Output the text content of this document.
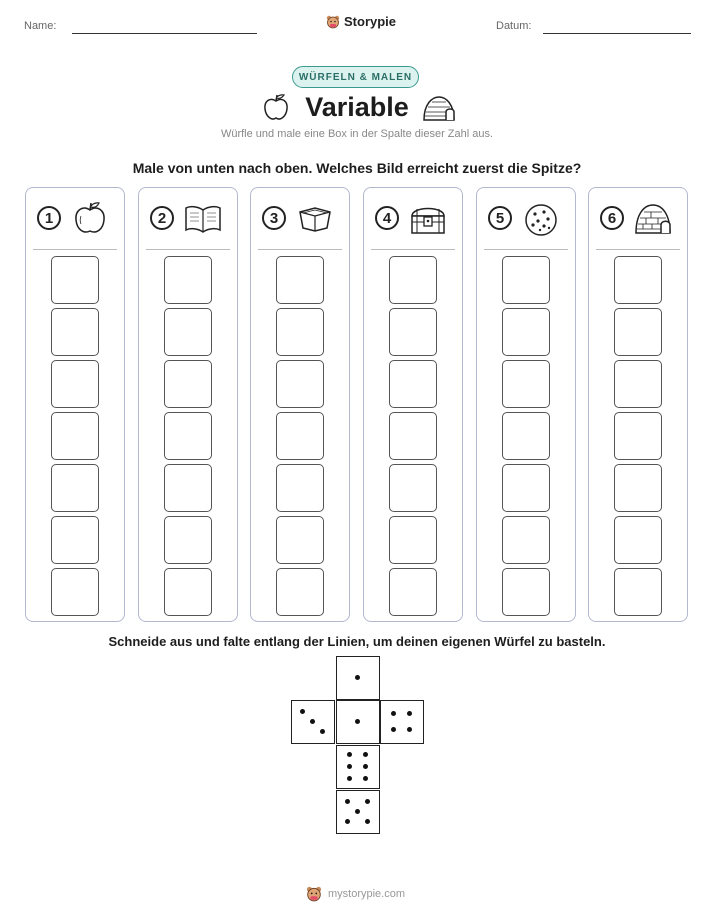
Name:	Datum:
Storypie
WÜRFELN & MALEN
Variable
Würfle und male eine Box in der Spalte dieser Zahl aus.
Male von unten nach oben. Welches Bild erreicht zuerst die Spitze?
1	2	3	4	5	6
Schneide aus und falte entlang der Linien, um deinen eigenen Würfel zu basteln.
mystorypie.com
